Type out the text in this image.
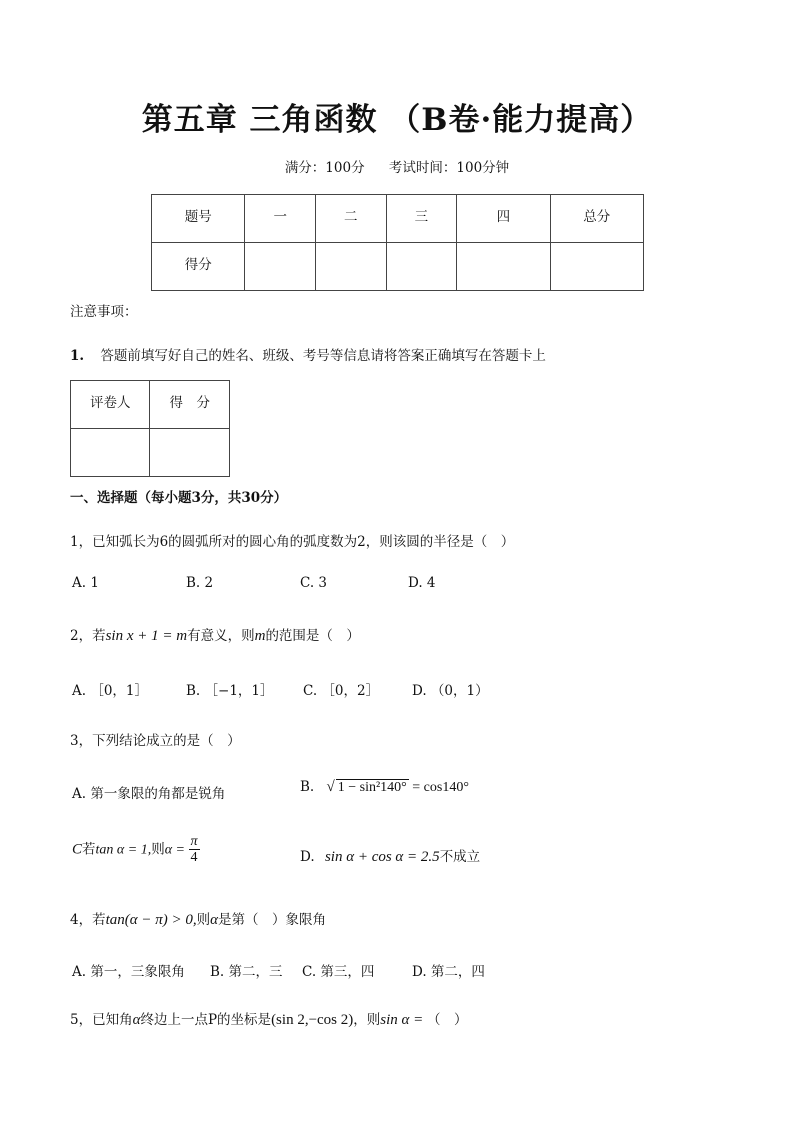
第五章 三角函数 （B卷·能力提高）
满分：100分 考试时间：100分钟
题号	一	二	三	四	总分
得分					
注意事项：
1. 答题前填写好自己的姓名、班级、考号等信息请将答案正确填写在答题卡上
评卷人	得　分

一、选择题（每小题3分，共30分）
1，已知弧长为6的圆弧所对的圆心角的弧度数为2，则该圆的半径是（　）
A. 1	B. 2	C. 3	D. 4
2，若sin x + 1 = m有意义，则m的范围是（　）
A. ［0，1］	B. ［−1，1］ C. ［0，2］ D. （0，1）
3，下列结论成立的是（　）
A. 第一象限的角都是锐角	B. √ 1 − sin²140° = cos140°
C若tan α = 1,则$\alpha = \frac{\pi}{4}$	D. sin α + cos α = 2.5不成立
4，若tan(α − π) > 0,则α是第（　）象限角
A. 第一，三象限角 B. 第二，三 C. 第三，四	D. 第二，四
5，已知角α终边上一点P的坐标是(sin 2,−cos 2)，则sin α = （　）
